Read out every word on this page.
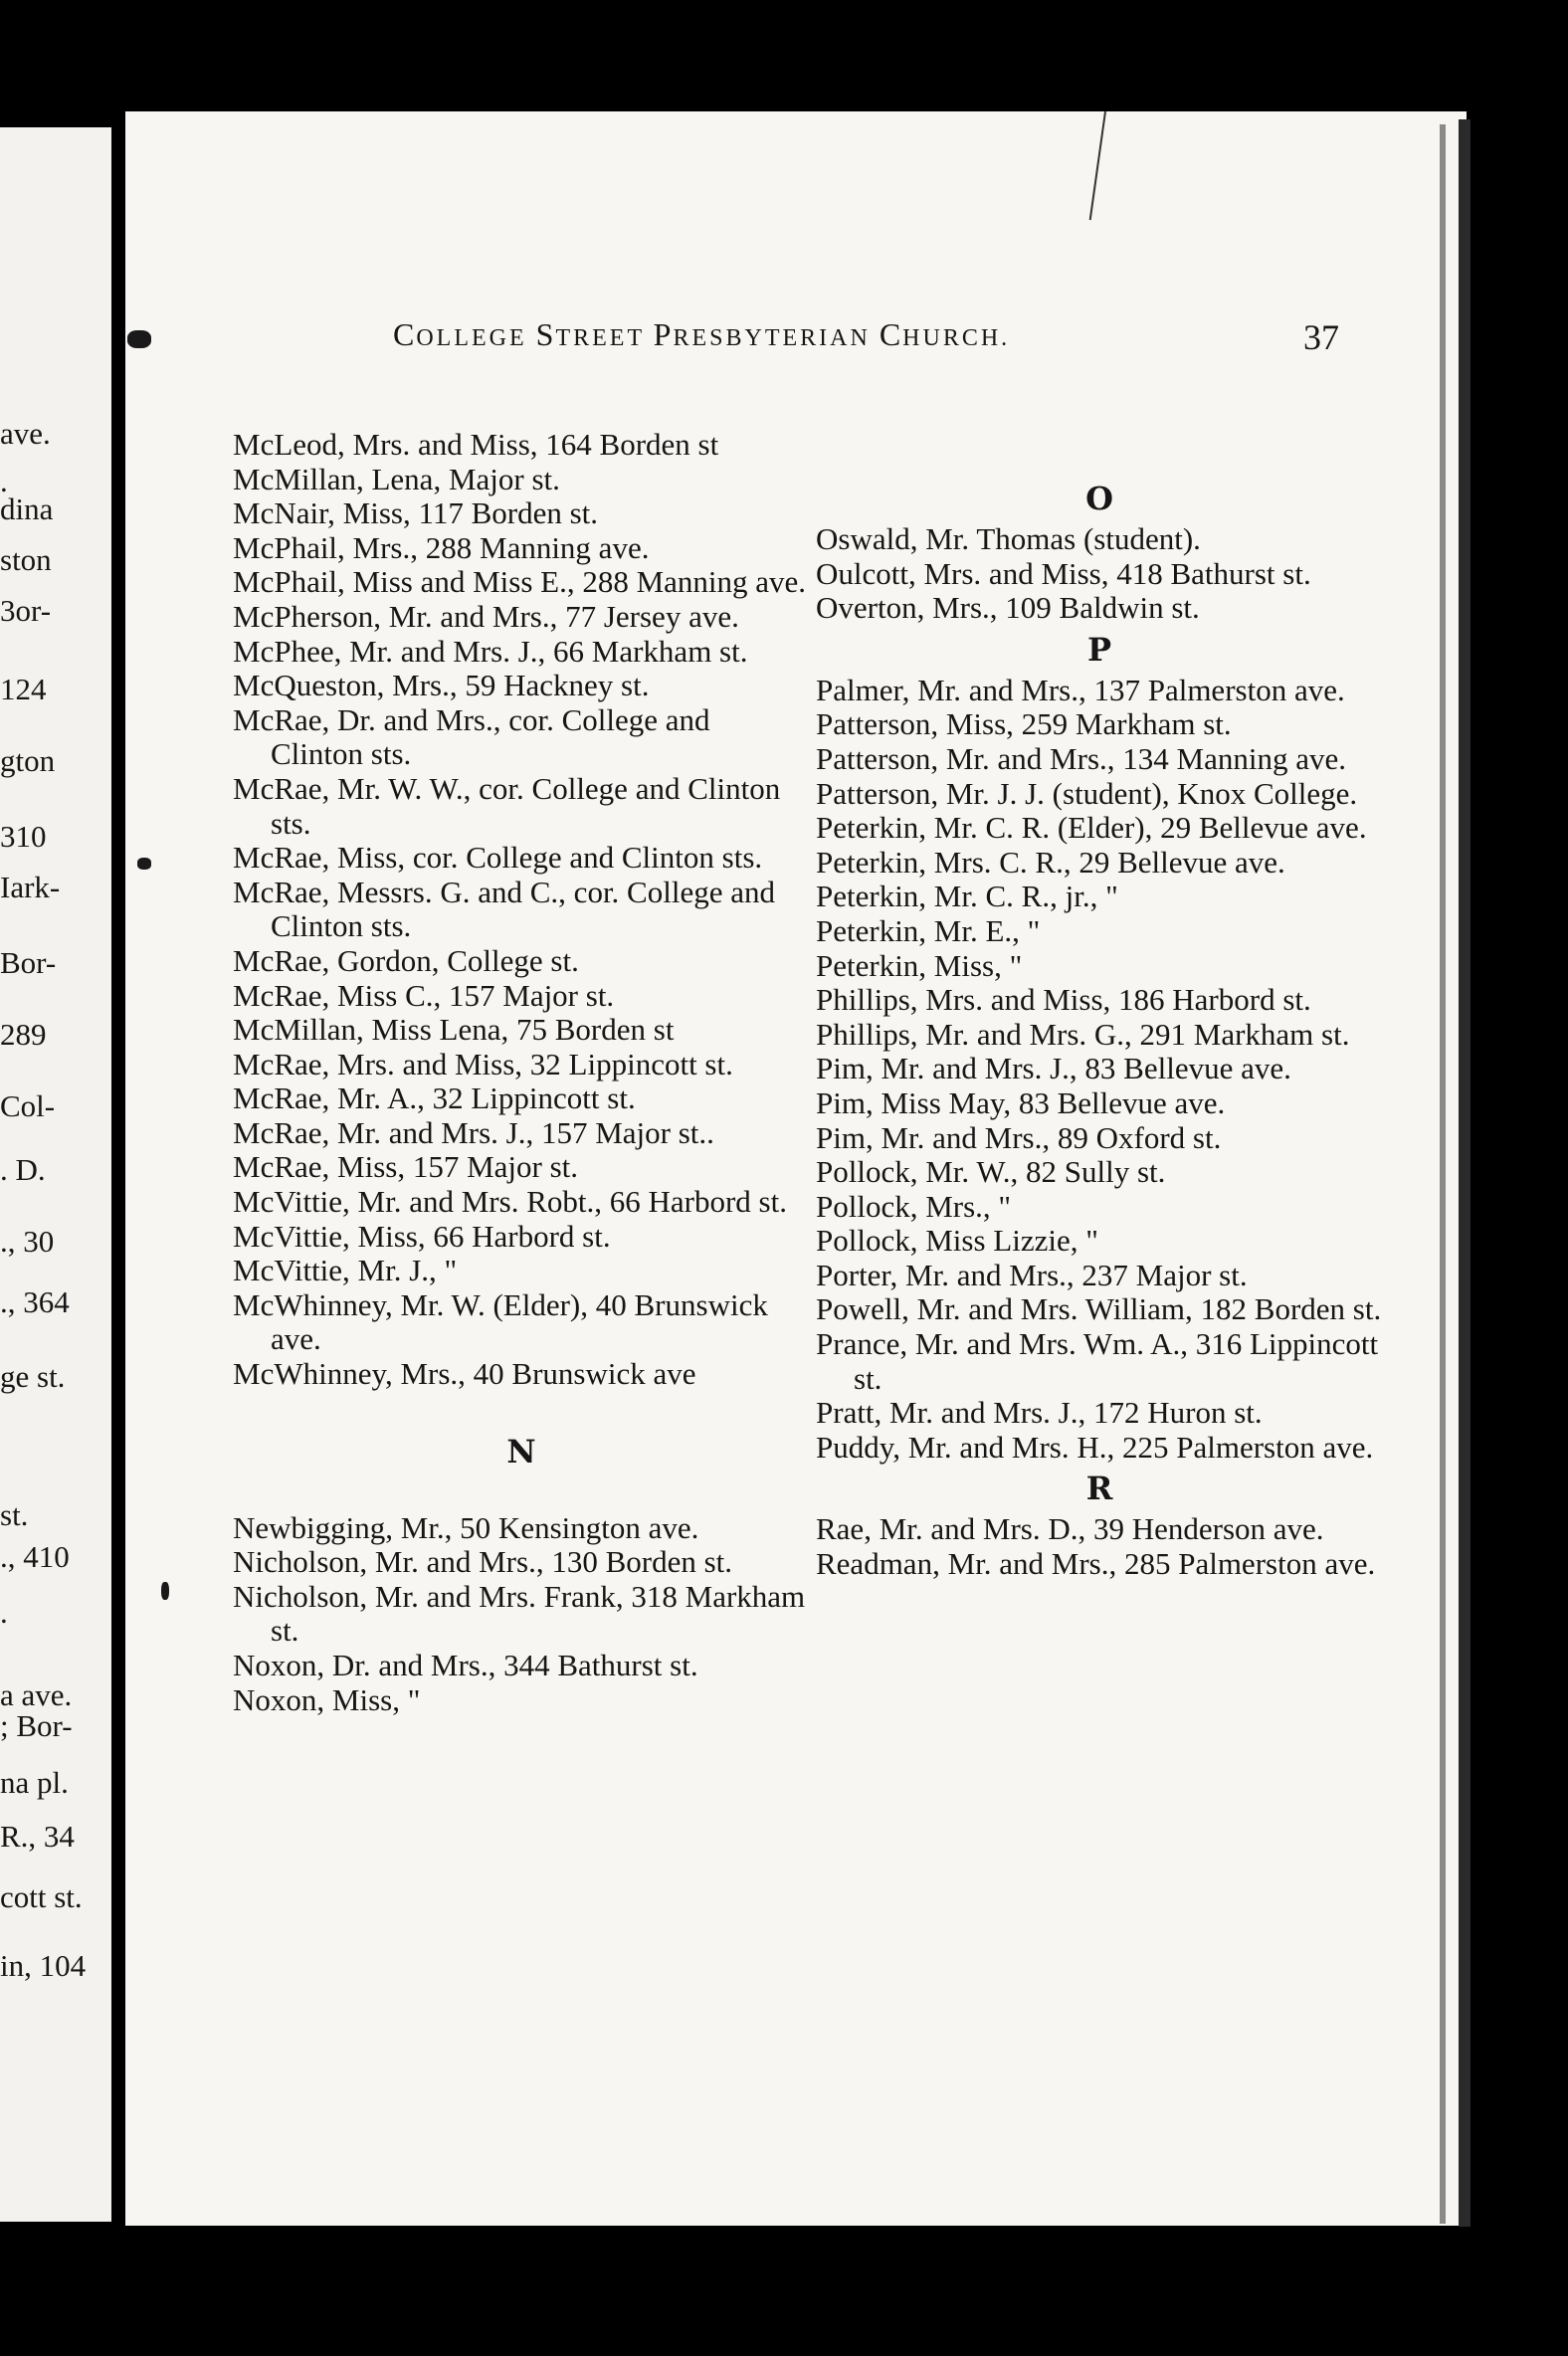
ave.
.
dina
ston
3or-
124
gton
310
Iark-
Bor-
289
Col-
. D.
., 30
., 364
ge st.
st.
., 410
.
a ave.
; Bor-
na pl.
R., 34
cott st.
in, 104
COLLEGE STREET PRESBYTERIAN CHURCH.	37
McLeod, Mrs. and Miss, 164 Borden st
McMillan, Lena, Major st.
McNair, Miss, 117 Borden st.
McPhail, Mrs., 288 Manning ave.
McPhail, Miss and Miss E., 288 Manning ave.
McPherson, Mr. and Mrs., 77 Jersey ave.
McPhee, Mr. and Mrs. J., 66 Markham st.
McQueston, Mrs., 59 Hackney st.
McRae, Dr. and Mrs., cor. College and Clinton sts.
McRae, Mr. W. W., cor. College and Clinton sts.
McRae, Miss, cor. College and Clinton sts.
McRae, Messrs. G. and C., cor. College and Clinton sts.
McRae, Gordon, College st.
McRae, Miss C., 157 Major st.
McMillan, Miss Lena, 75 Borden st
McRae, Mrs. and Miss, 32 Lippincott st.
McRae, Mr. A., 32 Lippincott st.
McRae, Mr. and Mrs. J., 157 Major st..
McRae, Miss, 157 Major st.
McVittie, Mr. and Mrs. Robt., 66 Harbord st.
McVittie, Miss, 66 Harbord st.
McVittie, Mr. J., "
McWhinney, Mr. W. (Elder), 40 Brunswick ave.
McWhinney, Mrs., 40 Brunswick ave
N
Newbigging, Mr., 50 Kensington ave.
Nicholson, Mr. and Mrs., 130 Borden st.
Nicholson, Mr. and Mrs. Frank, 318 Markham st.
Noxon, Dr. and Mrs., 344 Bathurst st.
Noxon, Miss, "
O
Oswald, Mr. Thomas (student).
Oulcott, Mrs. and Miss, 418 Bathurst st.
Overton, Mrs., 109 Baldwin st.
P
Palmer, Mr. and Mrs., 137 Palmerston ave.
Patterson, Miss, 259 Markham st.
Patterson, Mr. and Mrs., 134 Manning ave.
Patterson, Mr. J. J. (student), Knox College.
Peterkin, Mr. C. R. (Elder), 29 Bellevue ave.
Peterkin, Mrs. C. R., 29 Bellevue ave.
Peterkin, Mr. C. R., jr., "
Peterkin, Mr. E., "
Peterkin, Miss, "
Phillips, Mrs. and Miss, 186 Harbord st.
Phillips, Mr. and Mrs. G., 291 Markham st.
Pim, Mr. and Mrs. J., 83 Bellevue ave.
Pim, Miss May, 83 Bellevue ave.
Pim, Mr. and Mrs., 89 Oxford st.
Pollock, Mr. W., 82 Sully st.
Pollock, Mrs., "
Pollock, Miss Lizzie, "
Porter, Mr. and Mrs., 237 Major st.
Powell, Mr. and Mrs. William, 182 Borden st.
Prance, Mr. and Mrs. Wm. A., 316 Lippincott st.
Pratt, Mr. and Mrs. J., 172 Huron st.
Puddy, Mr. and Mrs. H., 225 Palmerston ave.
R
Rae, Mr. and Mrs. D., 39 Henderson ave.
Readman, Mr. and Mrs., 285 Palmerston ave.
